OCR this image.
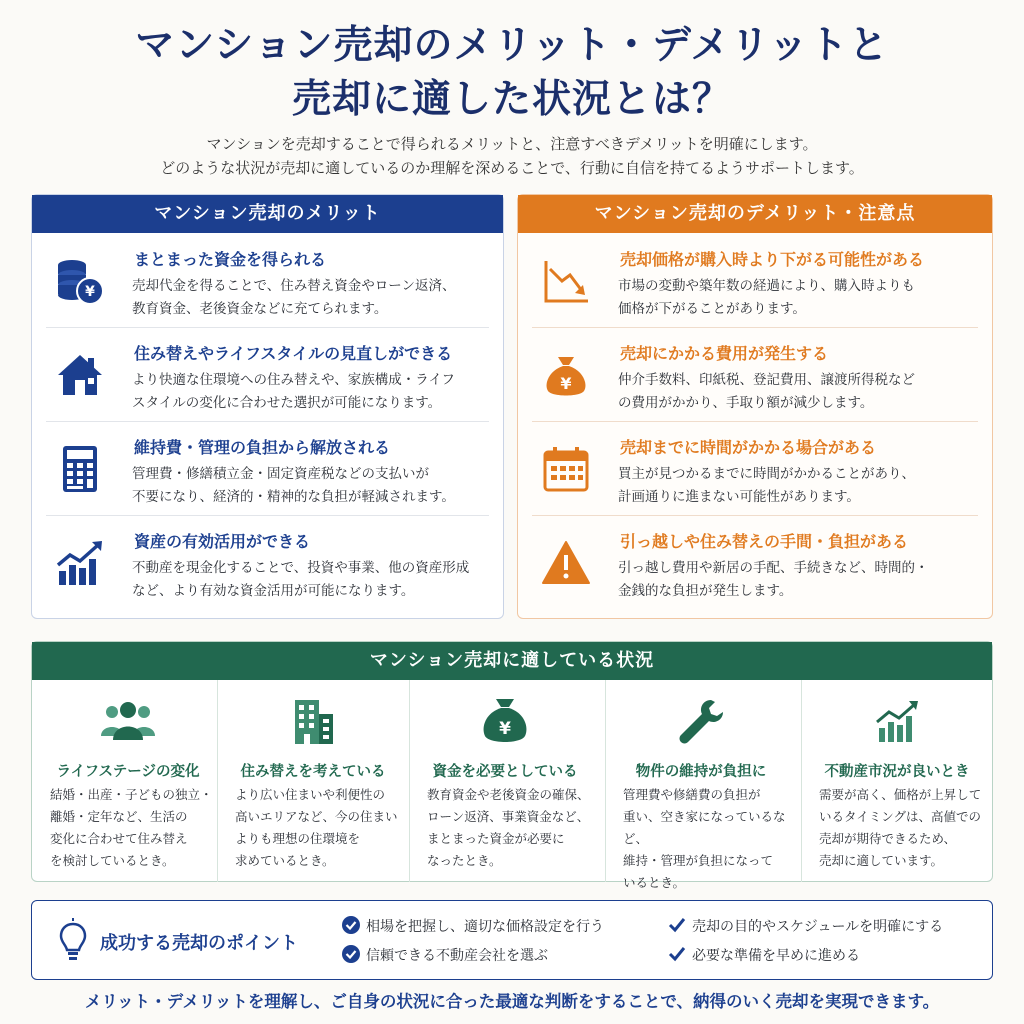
マンション売却のメリット・デメリットと
売却に適した状況とは？
マンションを売却することで得られるメリットと、注意すべきデメリットを明確にします。
どのような状況が売却に適しているのか理解を深めることで、行動に自信を持てるようサポートします。
マンション売却のメリット
¥
まとまった資金を得られる
売却代金を得ることで、住み替え資金やローン返済、
教育資金、老後資金などに充てられます。
住み替えやライフスタイルの見直しができる
より快適な住環境への住み替えや、家族構成・ライフ
スタイルの変化に合わせた選択が可能になります。
維持費・管理の負担から解放される
管理費・修繕積立金・固定資産税などの支払いが
不要になり、経済的・精神的な負担が軽減されます。
資産の有効活用ができる
不動産を現金化することで、投資や事業、他の資産形成
など、より有効な資金活用が可能になります。
マンション売却のデメリット・注意点
売却価格が購入時より下がる可能性がある
市場の変動や築年数の経過により、購入時よりも
価格が下がることがあります。
¥
売却にかかる費用が発生する
仲介手数料、印紙税、登記費用、譲渡所得税など
の費用がかかり、手取り額が減少します。
売却までに時間がかかる場合がある
買主が見つかるまでに時間がかかることがあり、
計画通りに進まない可能性があります。
引っ越しや住み替えの手間・負担がある
引っ越し費用や新居の手配、手続きなど、時間的・
金銭的な負担が発生します。
マンション売却に適している状況
ライフステージの変化
結婚・出産・子どもの独立・
離婚・定年など、生活の
変化に合わせて住み替え
を検討しているとき。
住み替えを考えている
より広い住まいや利便性の
高いエリアなど、今の住まい
よりも理想の住環境を
求めているとき。
¥
資金を必要としている
教育資金や老後資金の確保、
ローン返済、事業資金など、
まとまった資金が必要に
なったとき。
物件の維持が負担に
管理費や修繕費の負担が
重い、空き家になっているなど、
維持・管理が負担になって
いるとき。
不動産市況が良いとき
需要が高く、価格が上昇して
いるタイミングは、高値での
売却が期待できるため、
売却に適しています。
成功する売却のポイント
相場を把握し、適切な価格設定を行う
信頼できる不動産会社を選ぶ
売却の目的やスケジュールを明確にする
必要な準備を早めに進める
メリット・デメリットを理解し、ご自身の状況に合った最適な判断をすることで、納得のいく売却を実現できます。
